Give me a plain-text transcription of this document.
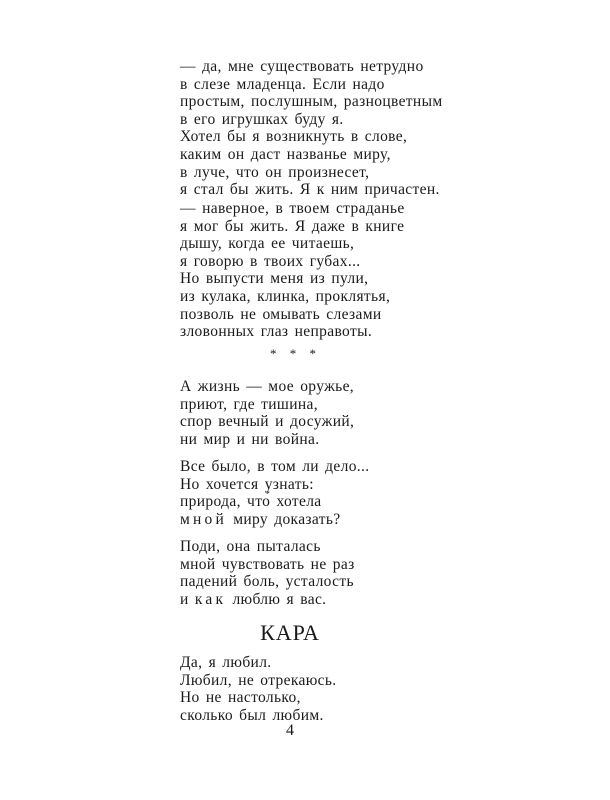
— да, мне существовать нетрудно
в слезе младенца. Если надо
простым, послушным, разноцветным
в его игрушках буду я.
Хотел бы я возникнуть в слове,
каким он даст названье миру,
в луче, что он произнесет,
я стал бы жить. Я к ним причастен.

— наверное, в твоем страданье
я мог бы жить. Я даже в книге
дышу, когда ее читаешь,
я говорю в твоих губах...
Но выпусти меня из пули,
из кулака, клинка, проклятья,
позволь не омывать слезами
зловонных глаз неправоты.

* * *

А жизнь — мое оружье,
приют, где тишина,
спор вечный и досужий,
ни мир и ни война.

Все было, в том ли дело...
Но хочется узнать:
природа, что́ хотела
мной миру доказать?

Поди, она пыталась
мной чувствовать не раз
падений боль, усталость
и как люблю я вас.

КАРА

Да, я любил.
Любил, не отрекаюсь.
Но не настолько,
сколько был любим.

4
